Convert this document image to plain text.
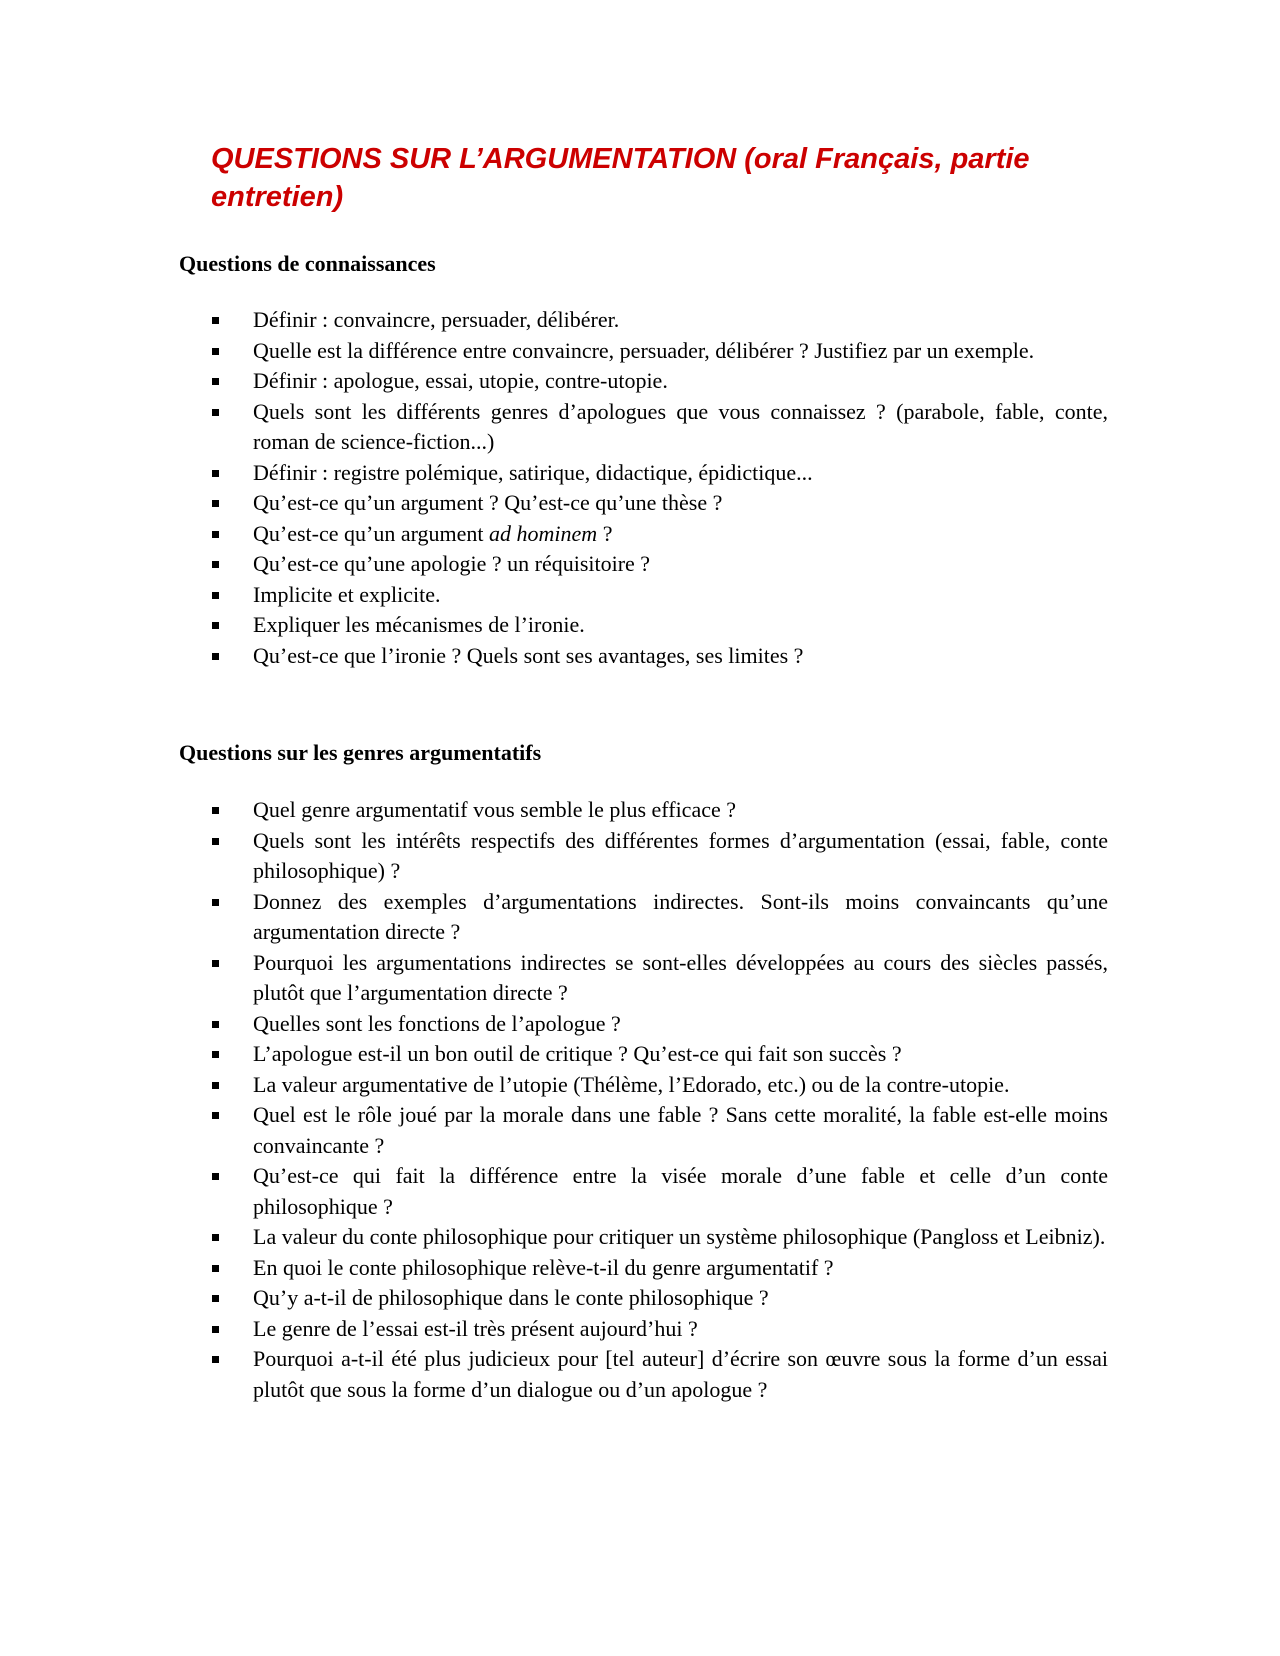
QUESTIONS SUR L’ARGUMENTATION (oral Français, partie entretien)
Questions de connaissances
Définir : convaincre, persuader, délibérer.
Quelle est la différence entre convaincre, persuader, délibérer ? Justifiez par un exemple.
Définir : apologue, essai, utopie, contre-utopie.
Quels sont les différents genres d’apologues que vous connaissez ? (parabole, fable, conte, roman de science-fiction...)
Définir : registre polémique, satirique, didactique, épidictique...
Qu’est-ce qu’un argument ? Qu’est-ce qu’une thèse ?
Qu’est-ce qu’un argument ad hominem ?
Qu’est-ce qu’une apologie ? un réquisitoire ?
Implicite et explicite.
Expliquer les mécanismes de l’ironie.
Qu’est-ce que l’ironie ? Quels sont ses avantages, ses limites ?
Questions sur les genres argumentatifs
Quel genre argumentatif vous semble le plus efficace ?
Quels sont les intérêts respectifs des différentes formes d’argumentation (essai, fable, conte philosophique) ?
Donnez des exemples d’argumentations indirectes. Sont-ils moins convaincants qu’une argumentation directe ?
Pourquoi les argumentations indirectes se sont-elles développées au cours des siècles passés, plutôt que l’argumentation directe ?
Quelles sont les fonctions de l’apologue ?
L’apologue est-il un bon outil de critique ? Qu’est-ce qui fait son succès ?
La valeur argumentative de l’utopie (Thélème, l’Edorado, etc.) ou de la contre-utopie.
Quel est le rôle joué par la morale dans une fable ? Sans cette moralité, la fable est-elle moins convaincante ?
Qu’est-ce qui fait la différence entre la visée morale d’une fable et celle d’un conte philosophique ?
La valeur du conte philosophique pour critiquer un système philosophique (Pangloss et Leibniz).
En quoi le conte philosophique relève-t-il du genre argumentatif ?
Qu’y a-t-il de philosophique dans le conte philosophique ?
Le genre de l’essai est-il très présent aujourd’hui ?
Pourquoi a-t-il été plus judicieux pour [tel auteur] d’écrire son œuvre sous la forme d’un essai plutôt que sous la forme d’un dialogue ou d’un apologue ?
